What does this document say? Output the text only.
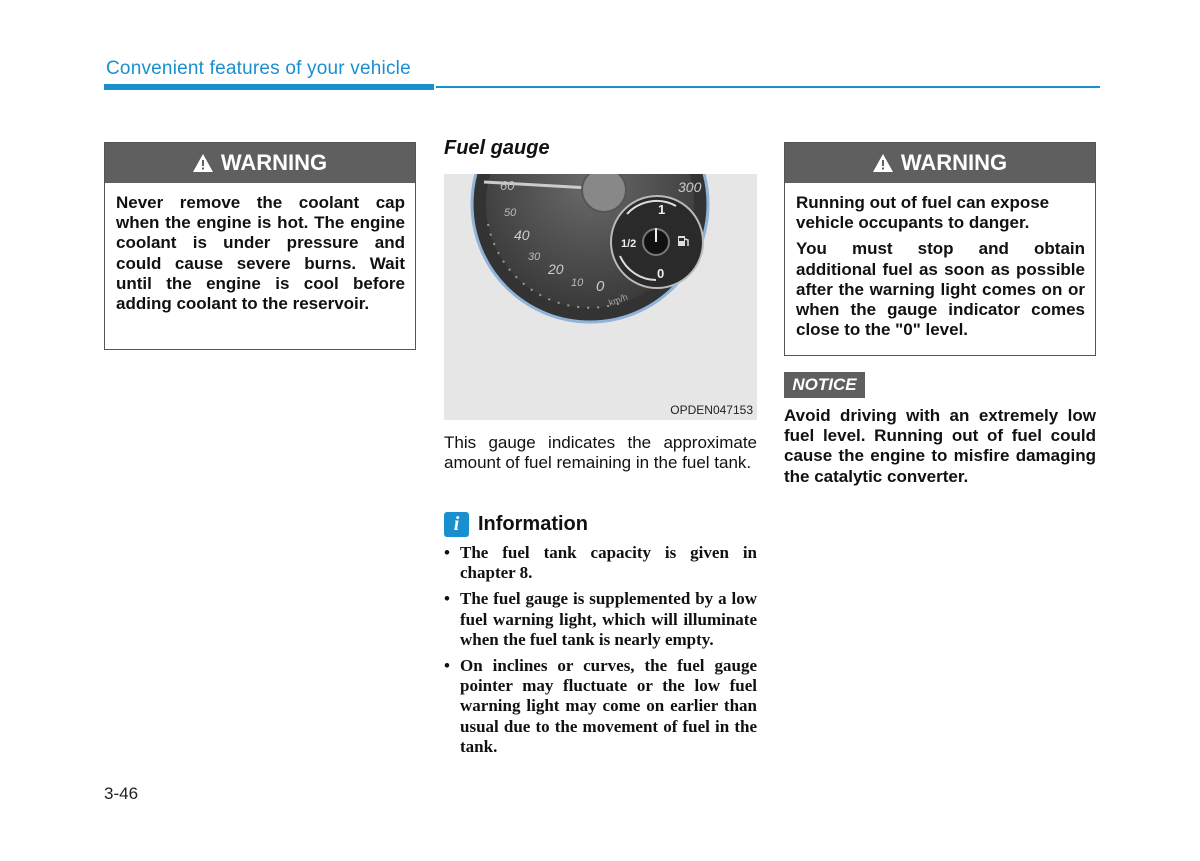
Convenient features of your vehicle
WARNING

Never remove the coolant cap when the engine is hot. The engine coolant is under pressure and could cause severe burns. Wait until the engine is cool before adding coolant to the reservoir.

Fuel gauge
60
50
40
30
20
10 0
300
km/h
1
1/2
0
OPDEN047153
This gauge indicates the approximate amount of fuel remaining in the fuel tank.
i Information
• The fuel tank capacity is given in chapter 8.
• The fuel gauge is supplemented by a low fuel warning light, which will illuminate when the fuel tank is nearly empty.
• On inclines or curves, the fuel gauge pointer may fluctuate or the low fuel warning light may come on earlier than usual due to the movement of fuel in the tank.
WARNING

Running out of fuel can expose vehicle occupants to danger.

You must stop and obtain additional fuel as soon as possible after the warning light comes on or when the gauge indicator comes close to the "0" level.

NOTICE
Avoid driving with an extremely low fuel level. Running out of fuel could cause the engine to misfire damaging the catalytic converter.
3-46
